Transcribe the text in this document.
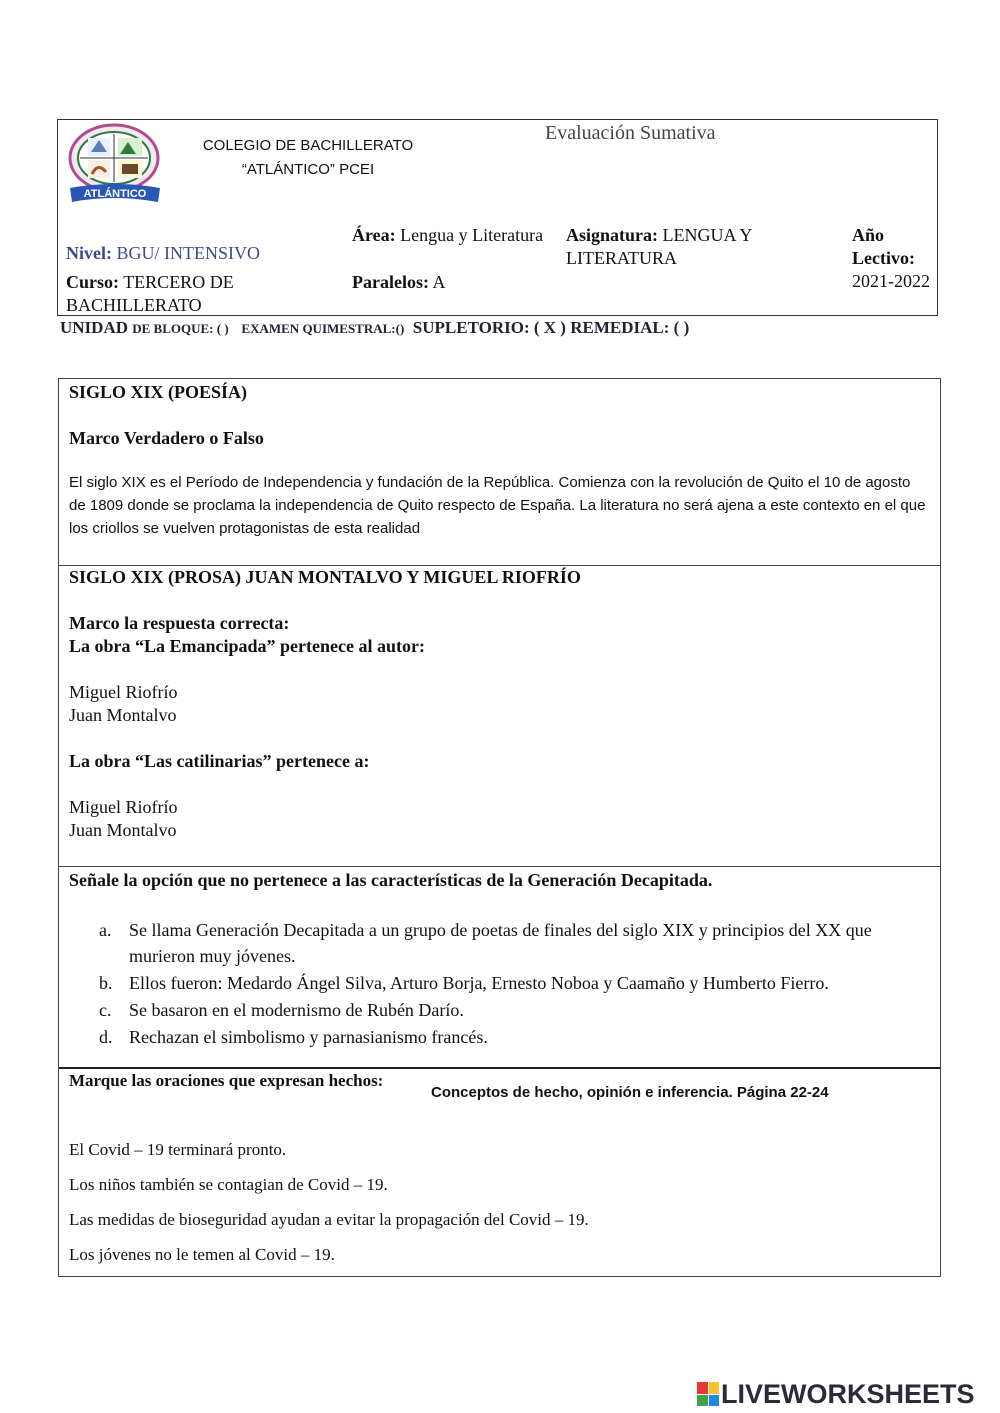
ATLÁNTICO
COLEGIO DE BACHILLERATO
“ATLÁNTICO” PCEI
Evaluación Sumativa
Nivel: BGU/ INTENSIVO
Área: Lengua y Literatura	Asignatura: LENGUA Y LITERATURA
Año Lectivo: 2021-2022
Curso: TERCERO DE BACHILLERATO
Paralelos: A
UNIDAD DE BLOQUE: ( ) EXAMEN QUIMESTRAL:() SUPLETORIO: ( X ) REMEDIAL: ( )
SIGLO XIX (POESÍA)
Marco Verdadero o Falso
El siglo XIX es el Período de Independencia y fundación de la República. Comienza con la revolución de Quito el 10 de agosto de 1809 donde se proclama la independencia de Quito respecto de España. La literatura no será ajena a este contexto en el que los criollos se vuelven protagonistas de esta realidad
SIGLO XIX (PROSA) JUAN MONTALVO Y MIGUEL RIOFRÍO
Marco la respuesta correcta:
La obra “La Emancipada” pertenece al autor:
Miguel Riofrío
Juan Montalvo
La obra “Las catilinarias” pertenece a:
Miguel Riofrío
Juan Montalvo
Señale la opción que no pertenece a las características de la Generación Decapitada.
a. Se llama Generación Decapitada a un grupo de poetas de finales del siglo XIX y principios del XX que murieron muy jóvenes.
b. Ellos fueron: Medardo Ángel Silva, Arturo Borja, Ernesto Noboa y Caamaño y Humberto Fierro.
c. Se basaron en el modernismo de Rubén Darío.
d. Rechazan el simbolismo y parnasianismo francés.
Marque las oraciones que expresan hechos:
Conceptos de hecho, opinión e inferencia. Página 22-24
El Covid – 19 terminará pronto.
Los niños también se contagian de Covid – 19.
Las medidas de bioseguridad ayudan a evitar la propagación del Covid – 19.
Los jóvenes no le temen al Covid – 19.
LIVEWORKSHEETS
